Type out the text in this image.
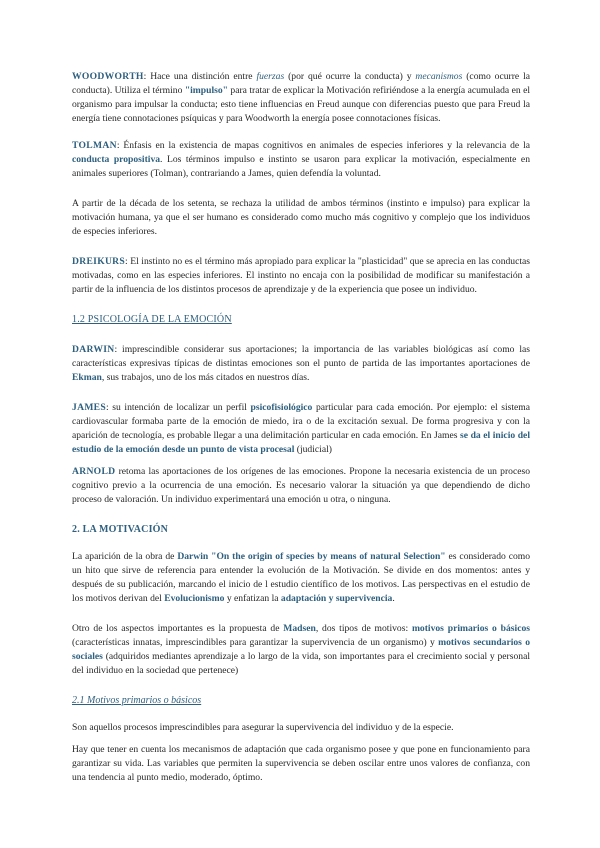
WOODWORTH: Hace una distinción entre fuerzas (por qué ocurre la conducta) y mecanismos (como ocurre la conducta). Utiliza el término "impulso" para tratar de explicar la Motivación refiriéndose a la energía acumulada en el organismo para impulsar la conducta; esto tiene influencias en Freud aunque con diferencias puesto que para Freud la energía tiene connotaciones psíquicas y para Woodworth la energía posee connotaciones físicas.

TOLMAN: Énfasis en la existencia de mapas cognitivos en animales de especies inferiores y la relevancia de la conducta propositiva. Los términos impulso e instinto se usaron para explicar la motivación, especialmente en animales superiores (Tolman), contrariando a James, quien defendía la voluntad.

A partir de la década de los setenta, se rechaza la utilidad de ambos términos (instinto e impulso) para explicar la motivación humana, ya que el ser humano es considerado como mucho más cognitivo y complejo que los individuos de especies inferiores.

DREIKURS: El instinto no es el término más apropiado para explicar la "plasticidad" que se aprecia en las conductas motivadas, como en las especies inferiores. El instinto no encaja con la posibilidad de modificar su manifestación a partir de la influencia de los distintos procesos de aprendizaje y de la experiencia que posee un individuo.

1.2 PSICOLOGÍA DE LA EMOCIÓN

DARWIN: imprescindible considerar sus aportaciones; la importancia de las variables biológicas así como las características expresivas típicas de distintas emociones son el punto de partida de las importantes aportaciones de Ekman, sus trabajos, uno de los más citados en nuestros días.

JAMES: su intención de localizar un perfil psicofisiológico particular para cada emoción. Por ejemplo: el sistema cardiovascular formaba parte de la emoción de miedo, ira o de la excitación sexual. De forma progresiva y con la aparición de tecnología, es probable llegar a una delimitación particular en cada emoción. En James se da el inicio del estudio de la emoción desde un punto de vista procesal (judicial)

ARNOLD retoma las aportaciones de los orígenes de las emociones. Propone la necesaria existencia de un proceso cognitivo previo a la ocurrencia de una emoción. Es necesario valorar la situación ya que dependiendo de dicho proceso de valoración. Un individuo experimentará una emoción u otra, o ninguna.

2. LA MOTIVACIÓN

La aparición de la obra de Darwin "On the origin of species by means of natural Selection" es considerado como un hito que sirve de referencia para entender la evolución de la Motivación. Se divide en dos momentos: antes y después de su publicación, marcando el inicio de l estudio científico de los motivos. Las perspectivas en el estudio de los motivos derivan del Evolucionismo y enfatizan la adaptación y supervivencia.

Otro de los aspectos importantes es la propuesta de Madsen, dos tipos de motivos: motivos primarios o básicos (características innatas, imprescindibles para garantizar la supervivencia de un organismo) y motivos secundarios o sociales (adquiridos mediantes aprendizaje a lo largo de la vida, son importantes para el crecimiento social y personal del individuo en la sociedad que pertenece)

2.1 Motivos primarios o básicos

Son aquellos procesos imprescindibles para asegurar la supervivencia del individuo y de la especie.

Hay que tener en cuenta los mecanismos de adaptación que cada organismo posee y que pone en funcionamiento para garantizar su vida. Las variables que permiten la supervivencia se deben oscilar entre unos valores de confianza, con una tendencia al punto medio, moderado, óptimo.
